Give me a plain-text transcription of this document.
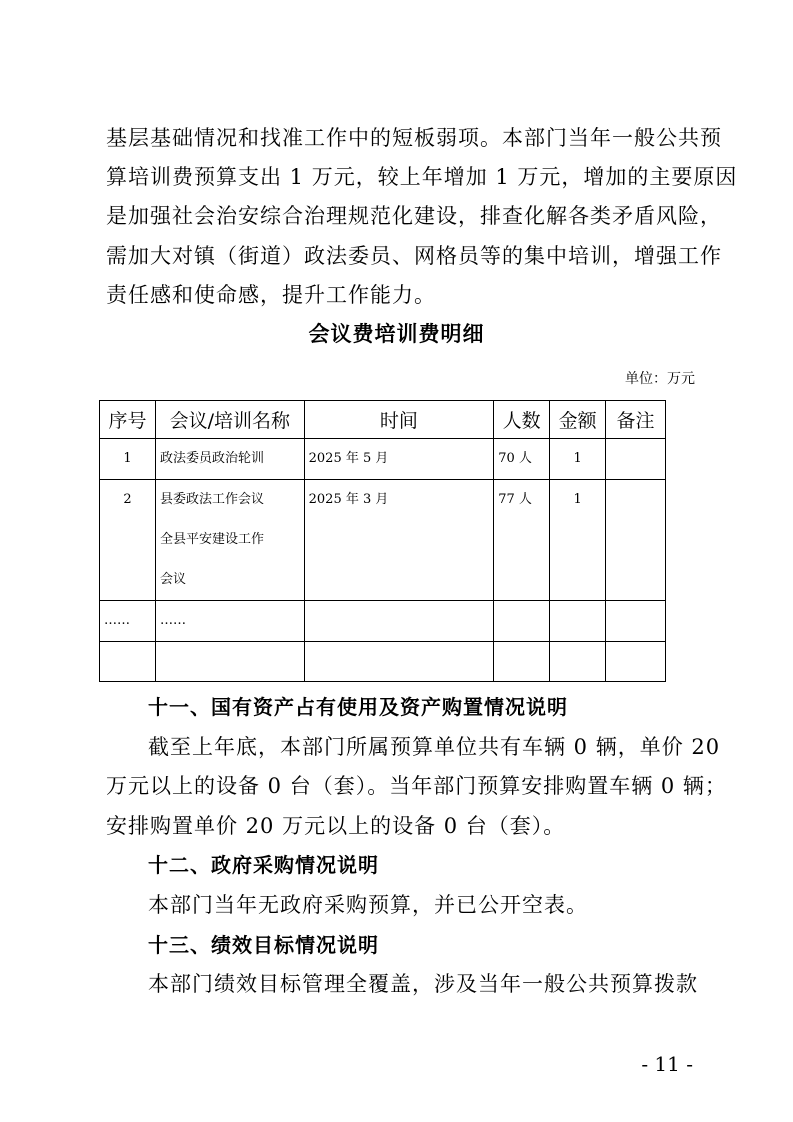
基层基础情况和找准工作中的短板弱项。本部门当年一般公共预
算培训费预算支出 1 万元，较上年增加 1 万元，增加的主要原因
是加强社会治安综合治理规范化建设，排查化解各类矛盾风险，
需加大对镇（街道）政法委员、网格员等的集中培训，增强工作
责任感和使命感，提升工作能力。
会议费培训费明细
单位：万元
序号	会议/培训名称	时间	人数	金额	备注
1	政法委员政治轮训	2025 年 5 月	70 人	1	
2	县委政法工作会议
全县平安建设工作
会议	2025 年 3 月	77 人	1	
……	……				

十一、国有资产占有使用及资产购置情况说明
截至上年底，本部门所属预算单位共有车辆 0 辆，单价 20
万元以上的设备 0 台（套）。当年部门预算安排购置车辆 0 辆；
安排购置单价 20 万元以上的设备 0 台（套）。
十二、政府采购情况说明
本部门当年无政府采购预算，并已公开空表。
十三、绩效目标情况说明
本部门绩效目标管理全覆盖，涉及当年一般公共预算拨款
- 11 -
